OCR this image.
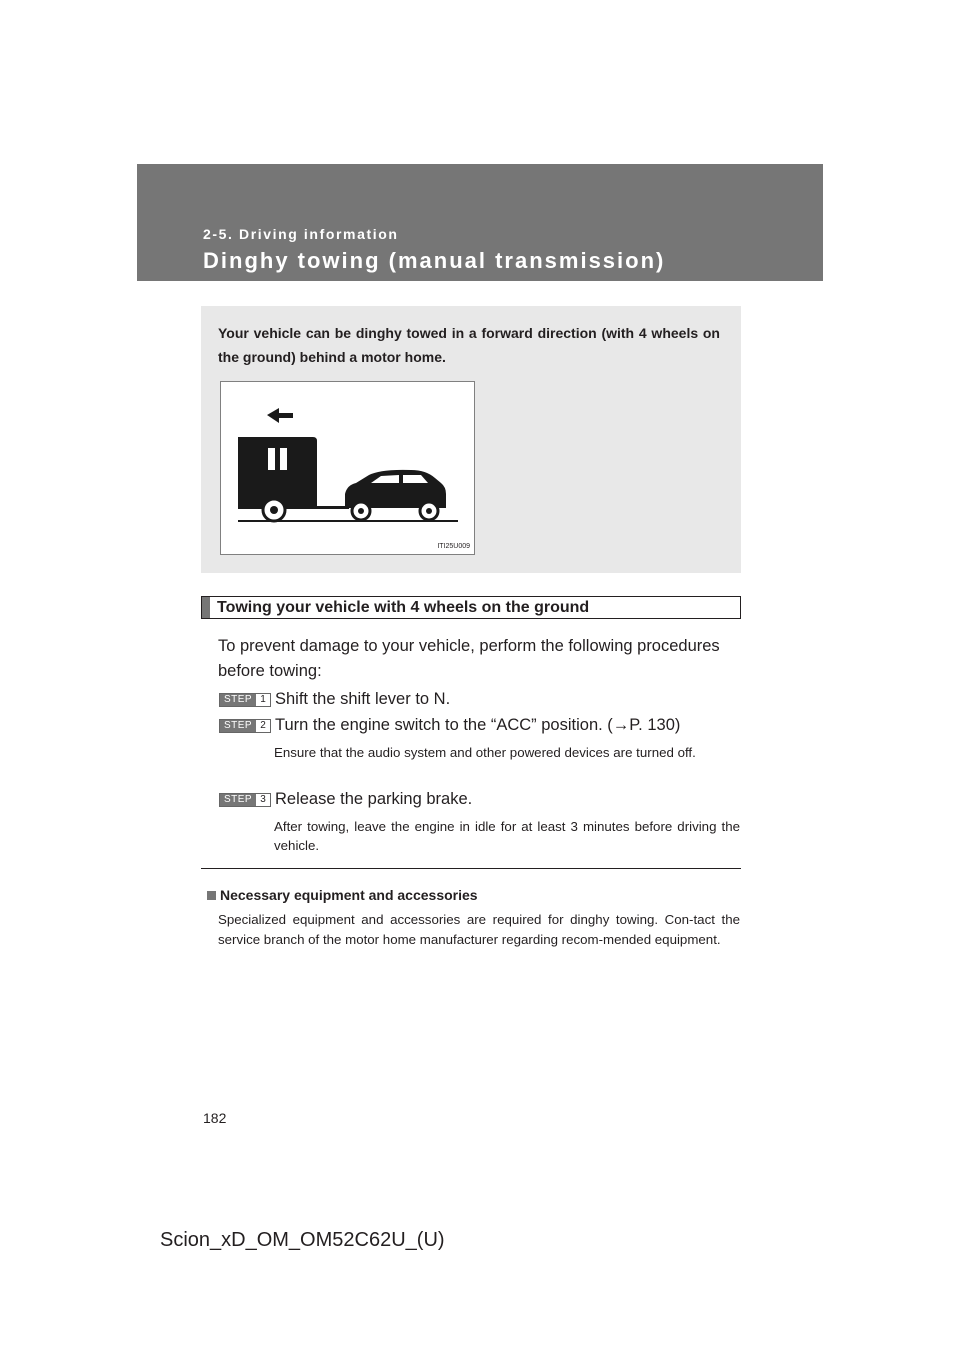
2-5. Driving information
Dinghy towing (manual transmission)
Your vehicle can be dinghy towed in a forward direction (with 4 wheels on the ground) behind a motor home.
ITI25U009
Towing your vehicle with 4 wheels on the ground
To prevent damage to your vehicle, perform the following procedures before towing:
STEP 1 Shift the shift lever to N.
STEP 2 Turn the engine switch to the “ACC” position. (→P. 130)
Ensure that the audio system and other powered devices are turned off.
STEP 3 Release the parking brake.
After towing, leave the engine in idle for at least 3 minutes before driving the vehicle.
Necessary equipment and accessories
Specialized equipment and accessories are required for dinghy towing. Con-tact the service branch of the motor home manufacturer regarding recom-mended equipment.
182
Scion_xD_OM_OM52C62U_(U)
